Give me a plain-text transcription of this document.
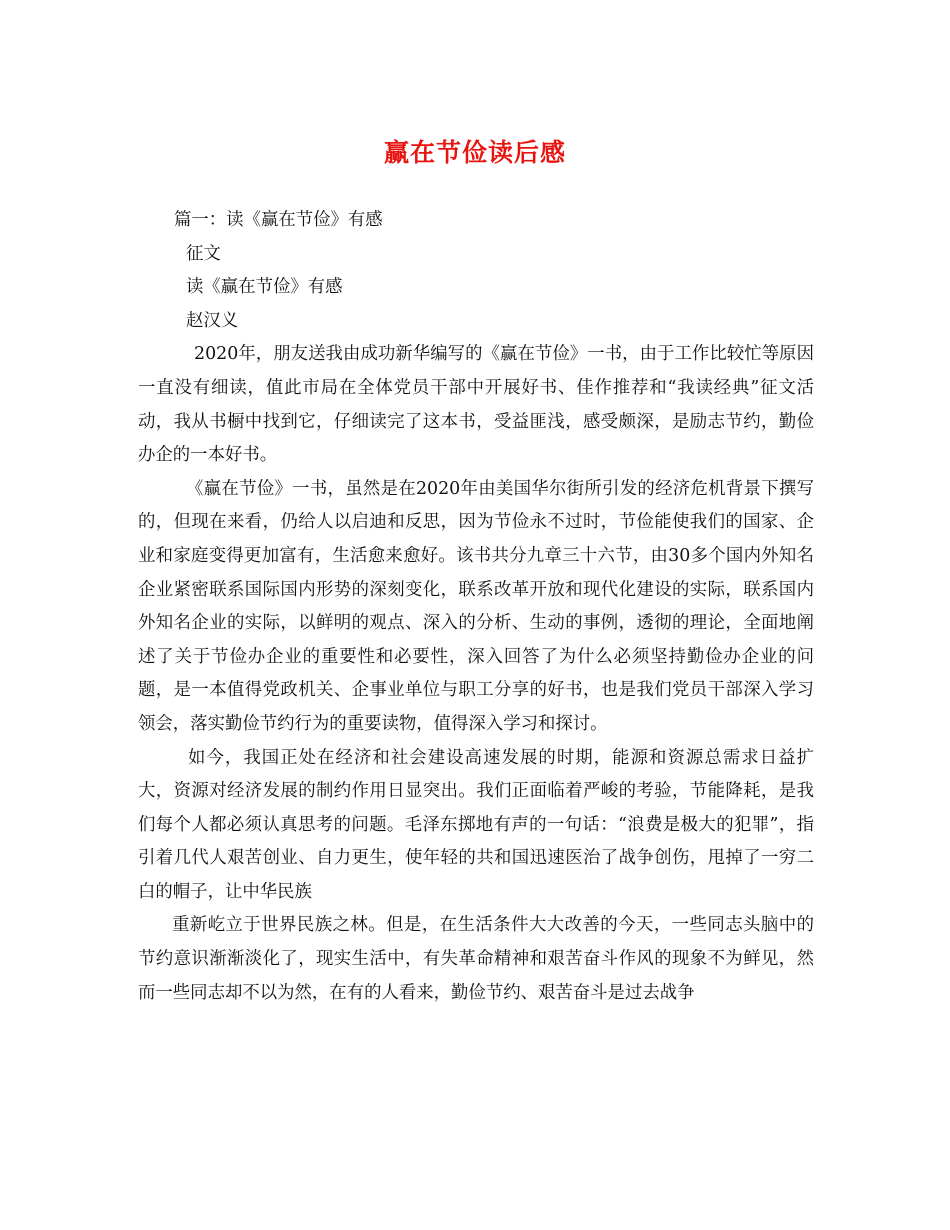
赢在节俭读后感

篇一：读《赢在节俭》有感

征文

读《赢在节俭》有感

赵汉义

2020年，朋友送我由成功新华编写的《赢在节俭》一书，由于工作比较忙等原因一直没有细读，值此市局在全体党员干部中开展好书、佳作推荐和“我读经典”征文活动，我从书橱中找到它，仔细读完了这本书，受益匪浅，感受颇深，是励志节约，勤俭办企的一本好书。

《赢在节俭》一书，虽然是在2020年由美国华尔街所引发的经济危机背景下撰写的，但现在来看，仍给人以启迪和反思，因为节俭永不过时，节俭能使我们的国家、企业和家庭变得更加富有，生活愈来愈好。该书共分九章三十六节，由30多个国内外知名企业紧密联系国际国内形势的深刻变化，联系改革开放和现代化建设的实际，联系国内外知名企业的实际，以鲜明的观点、深入的分析、生动的事例，透彻的理论，全面地阐述了关于节俭办企业的重要性和必要性，深入回答了为什么必须坚持勤俭办企业的问题，是一本值得党政机关、企事业单位与职工分享的好书，也是我们党员干部深入学习领会，落实勤俭节约行为的重要读物，值得深入学习和探讨。

如今，我国正处在经济和社会建设高速发展的时期，能源和资源总需求日益扩大，资源对经济发展的制约作用日显突出。我们正面临着严峻的考验，节能降耗，是我们每个人都必须认真思考的问题。毛泽东掷地有声的一句话：“浪费是极大的犯罪”，指引着几代人艰苦创业、自力更生，使年轻的共和国迅速医治了战争创伤，甩掉了一穷二白的帽子，让中华民族

重新屹立于世界民族之林。但是，在生活条件大大改善的今天，一些同志头脑中的节约意识渐渐淡化了，现实生活中，有失革命精神和艰苦奋斗作风的现象不为鲜见，然而一些同志却不以为然，在有的人看来，勤俭节约、艰苦奋斗是过去战争
